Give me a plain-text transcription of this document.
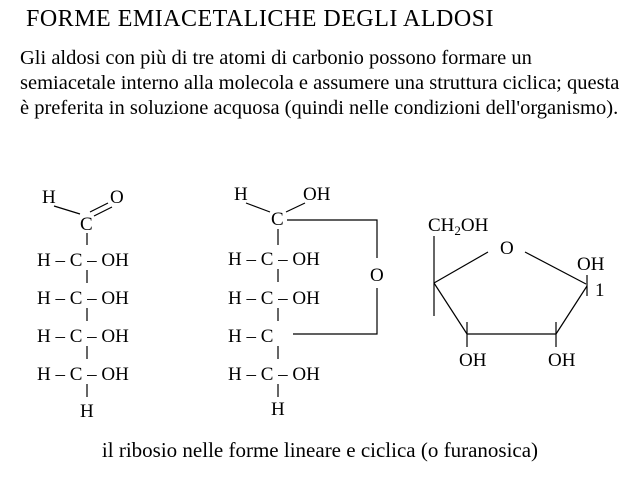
FORME EMIACETALICHE DEGLI ALDOSI
Gli aldosi con più di tre atomi di carbonio possono formare un semiacetale interno alla molecola e assumere una struttura ciclica; questa è preferita in soluzione acquosa (quindi nelle condizioni dell'organismo).
H	O
C
H – C – OH
H – C – OH
H – C – OH
H – C – OH
H
H	OH
C
H – C – OH
H – C – OH
H – C
H – C – OH
H
O
$CH_2OH$
O
OH
1
OH	OH
il ribosio nelle forme lineare e ciclica (o furanosica)
